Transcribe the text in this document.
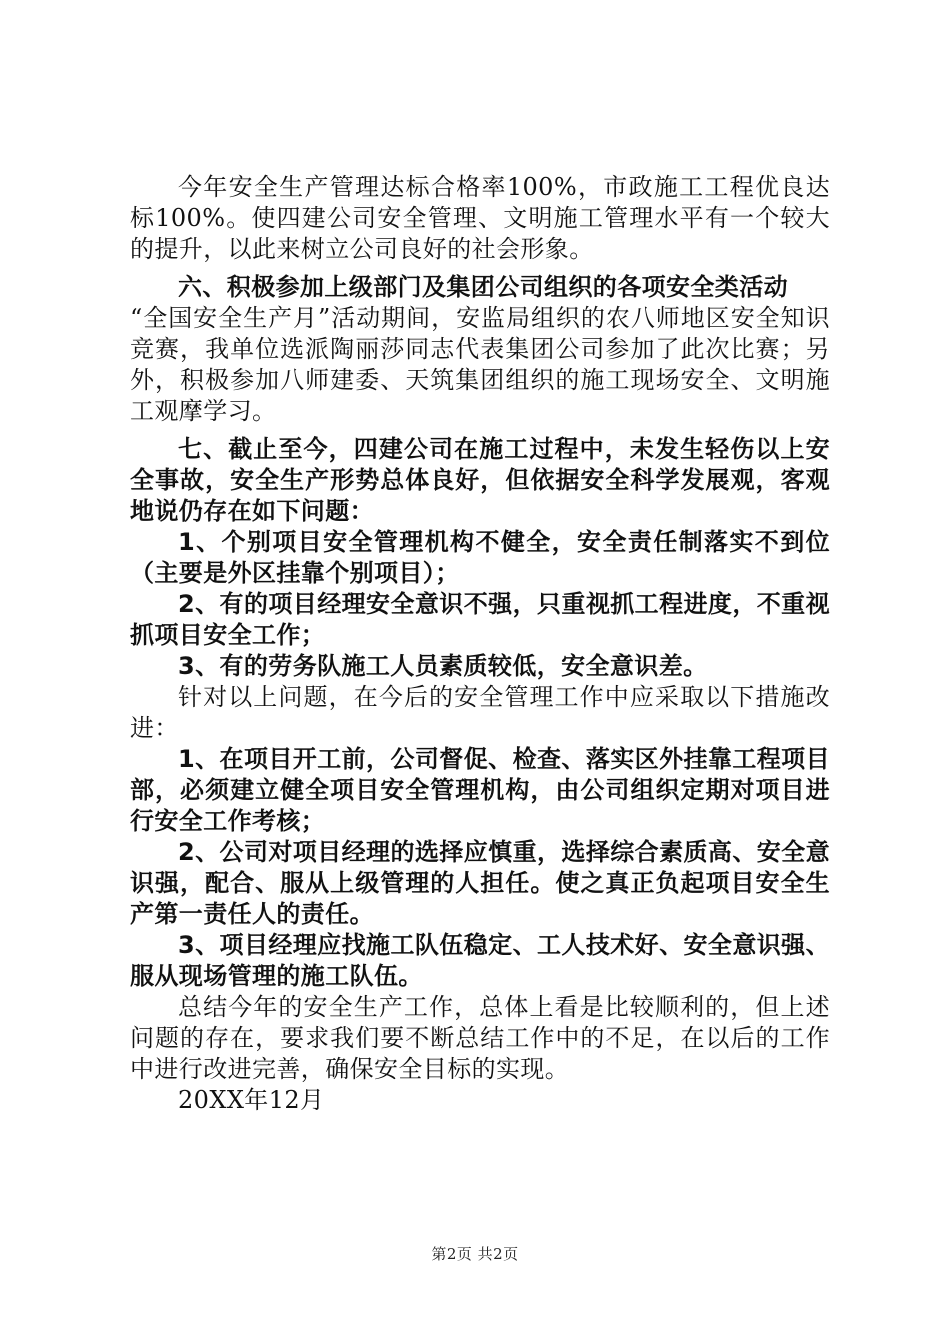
今年安全生产管理达标合格率100%，市政施工工程优良达标100%。使四建公司安全管理、文明施工管理水平有一个较大的提升，以此来树立公司良好的社会形象。

六、积极参加上级部门及集团公司组织的各项安全类活动

“全国安全生产月”活动期间，安监局组织的农八师地区安全知识竞赛，我单位选派陶丽莎同志代表集团公司参加了此次比赛；另外，积极参加八师建委、天筑集团组织的施工现场安全、文明施工观摩学习。

七、截止至今，四建公司在施工过程中，未发生轻伤以上安全事故，安全生产形势总体良好，但依据安全科学发展观，客观地说仍存在如下问题：

1、个别项目安全管理机构不健全，安全责任制落实不到位（主要是外区挂靠个别项目）；

2、有的项目经理安全意识不强，只重视抓工程进度，不重视抓项目安全工作；

3、有的劳务队施工人员素质较低，安全意识差。

针对以上问题，在今后的安全管理工作中应采取以下措施改进：

1、在项目开工前，公司督促、检查、落实区外挂靠工程项目部，必须建立健全项目安全管理机构，由公司组织定期对项目进行安全工作考核；

2、公司对项目经理的选择应慎重，选择综合素质高、安全意识强，配合、服从上级管理的人担任。使之真正负起项目安全生产第一责任人的责任。

3、项目经理应找施工队伍稳定、工人技术好、安全意识强、服从现场管理的施工队伍。

总结今年的安全生产工作，总体上看是比较顺利的，但上述问题的存在，要求我们要不断总结工作中的不足，在以后的工作中进行改进完善，确保安全目标的实现。

20XX年12月

第2页 共2页
